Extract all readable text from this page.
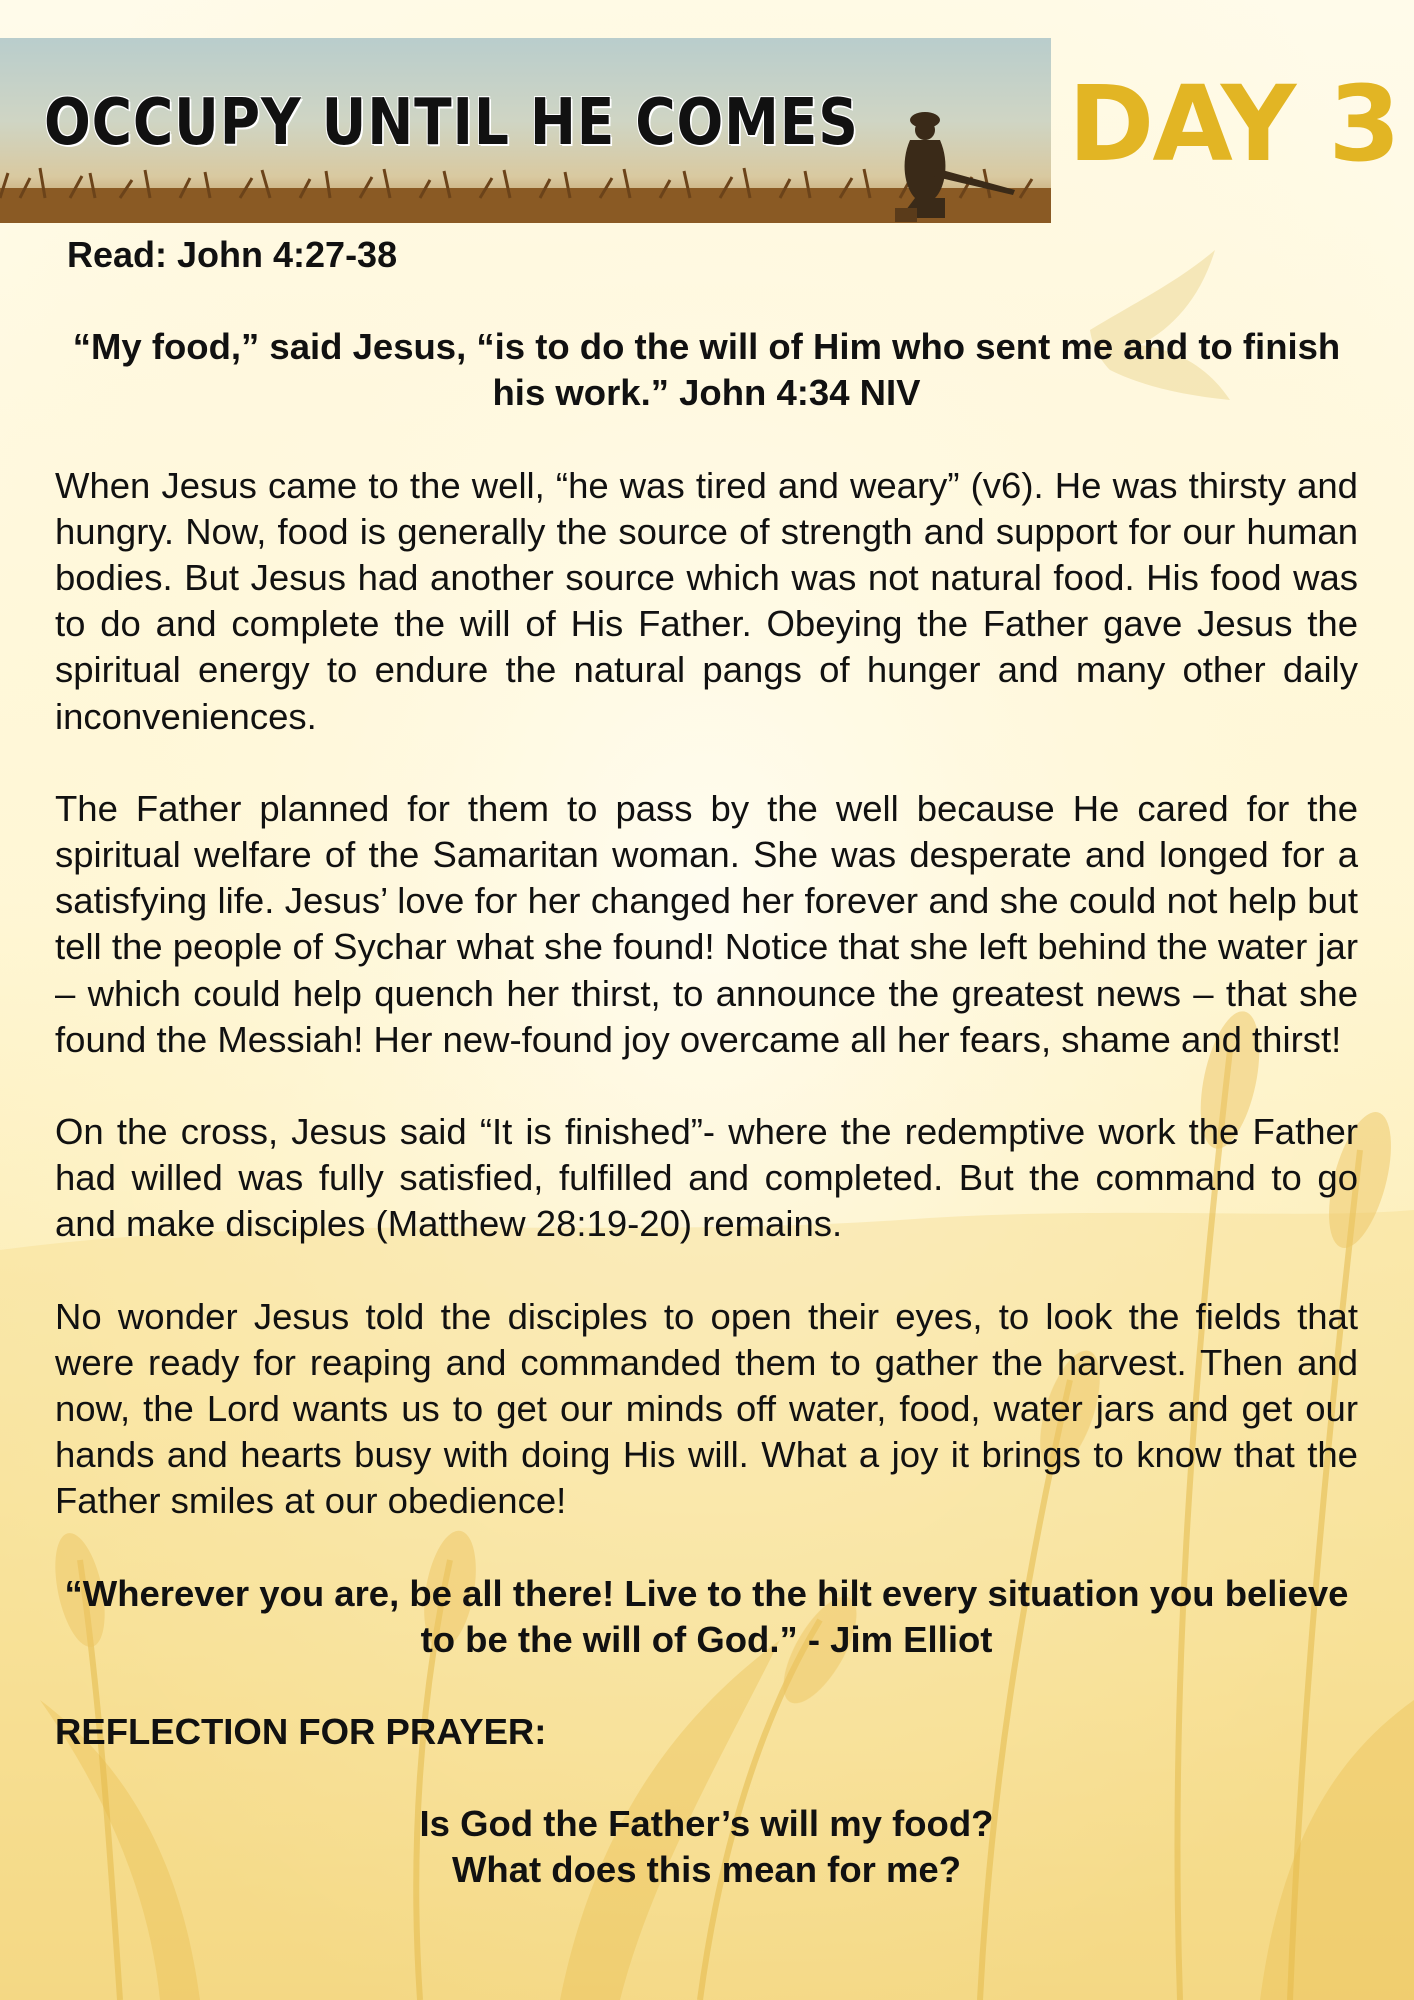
OCCUPY UNTIL HE COMES DAY 3

Read: John 4:27-38

“My food,” said Jesus, “is to do the will of Him who sent me and to finish his work.” John 4:34 NIV

When Jesus came to the well, “he was tired and weary” (v6). He was thirsty and hungry. Now, food is generally the source of strength and support for our human bodies. But Jesus had another source which was not natural food. His food was to do and complete the will of His Father. Obeying the Father gave Jesus the spiritual energy to endure the natural pangs of hunger and many other daily inconveniences.

The Father planned for them to pass by the well because He cared for the spiritual welfare of the Samaritan woman. She was desperate and longed for a satisfying life. Jesus’ love for her changed her forever and she could not help but tell the people of Sychar what she found! Notice that she left behind the water jar – which could help quench her thirst, to announce the greatest news – that she found the Messiah! Her new-found joy overcame all her fears, shame and thirst!

On the cross, Jesus said “It is finished”- where the redemptive work the Father had willed was fully satisfied, fulfilled and completed. But the command to go and make disciples (Matthew 28:19-20) remains.

No wonder Jesus told the disciples to open their eyes, to look the fields that were ready for reaping and commanded them to gather the harvest. Then and now, the Lord wants us to get our minds off water, food, water jars and get our hands and hearts busy with doing His will. What a joy it brings to know that the Father smiles at our obedience!

“Wherever you are, be all there! Live to the hilt every situation you believe to be the will of God.” - Jim Elliot

REFLECTION FOR PRAYER:

Is God the Father’s will my food?
What does this mean for me?
